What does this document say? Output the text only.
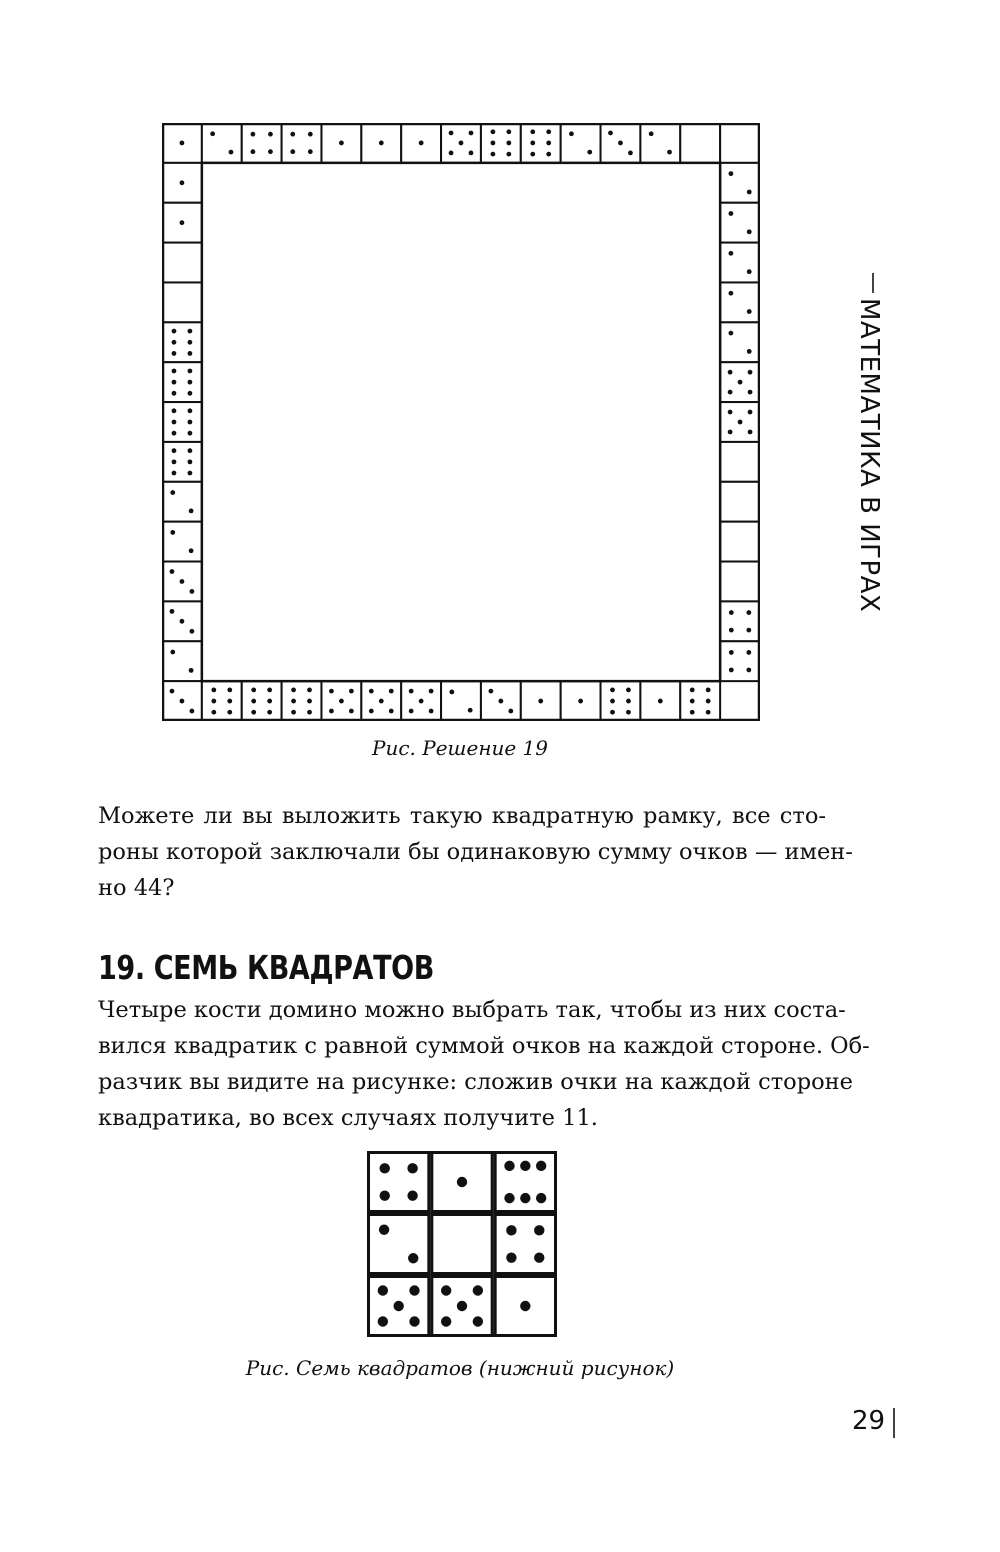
Рис. Решение 19

Можете ли вы выложить такую квадратную рамку, все сто-
роны которой заключали бы одинаковую сумму очков — имен-
но 44?

19. СЕМЬ КВАДРАТОВ

Четыре кости домино можно выбрать так, чтобы из них соста-
вился квадратик с равной суммой очков на каждой стороне. Об-
разчик вы видите на рисунке: сложив очки на каждой стороне
квадратика, во всех случаях получите 11.

Рис. Семь квадратов (нижний рисунок)
МАТЕМАТИКА В ИГРАХ
29
